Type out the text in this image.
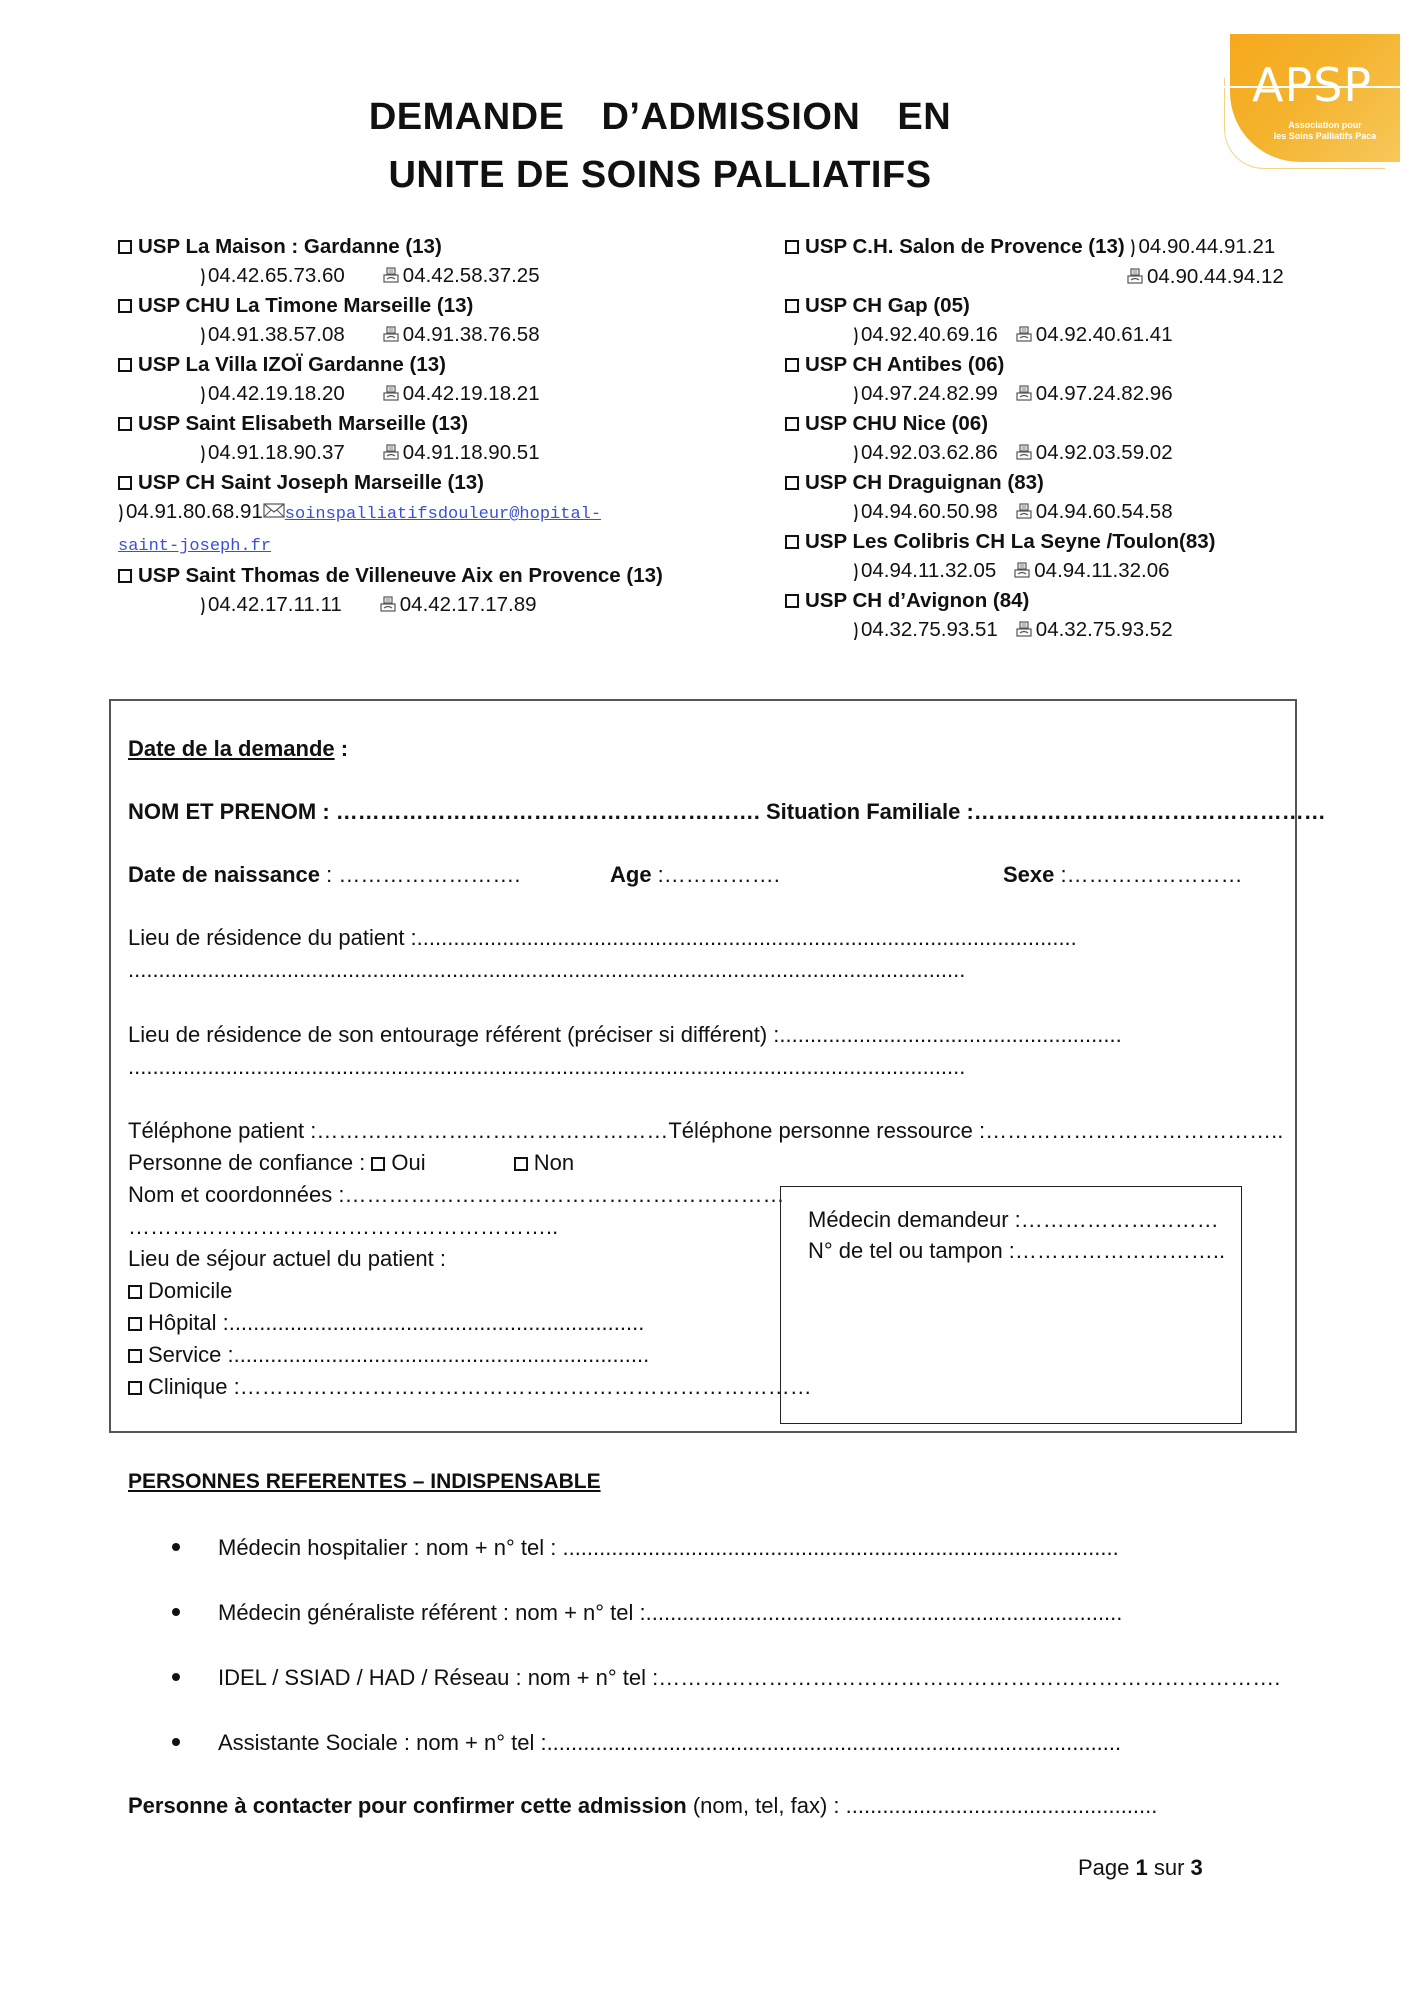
APSP
Association pour
les Soins Palliatifs Paca
DEMANDE D’ADMISSION EN
UNITE DE SOINS PALLIATIFS
USP La Maison : Gardanne (13)
) 04.42.65.73.60	04.42.58.37.25
USP CHU La Timone Marseille (13)
) 04.91.38.57.08	04.91.38.76.58
USP La Villa IZOÏ Gardanne (13)
) 04.42.19.18.20	04.42.19.18.21
USP Saint Elisabeth Marseille (13)
) 04.91.18.90.37	04.91.18.90.51
USP CH Saint Joseph Marseille (13)
) 04.91.80.68.91 soinspalliatifsdouleur@hopital-
saint-joseph.fr
USP Saint Thomas de Villeneuve Aix en Provence (13)
) 04.42.17.11.11	04.42.17.17.89
USP C.H. Salon de Provence (13) ) 04.90.44.91.21
04.90.44.94.12
USP CH Gap (05)
) 04.92.40.69.16 04.92.40.61.41
USP CH Antibes (06)
) 04.97.24.82.99 04.97.24.82.96
USP CHU Nice (06)
) 04.92.03.62.86 04.92.03.59.02
USP CH Draguignan (83)
) 04.94.60.50.98 04.94.60.54.58
USP Les Colibris CH La Seyne /Toulon(83)
) 04.94.11.32.05 04.94.11.32.06
USP CH d’Avignon (84)
) 04.32.75.93.51 04.32.75.93.52
Date de la demande :
NOM ET PRENOM : …………………………………………………. Situation Familiale :…………………………………………
Date de naissance : …………………….	Age :…………….	Sexe :……………………
Lieu de résidence du patient :............................................................................................................
.........................................................................................................................................
Lieu de résidence de son entourage référent (préciser si différent) :........................................................
.........................................................................................................................................
Téléphone patient :…………………………………………Téléphone personne ressource :…………………………………..
Personne de confiance : Oui	Non
Nom et coordonnées :……………………………………………………
…………………………………………………..
Lieu de séjour actuel du patient :
Domicile
Hôpital :....................................................................
Service :....................................................................
Clinique :……………………………………………………………………
Médecin demandeur :………………………
N° de tel ou tampon :………………………..
PERSONNES REFERENTES – INDISPENSABLE
Médecin hospitalier : nom + n° tel : ...........................................................................................
Médecin généraliste référent : nom + n° tel :..............................................................................
IDEL / SSIAD / HAD / Réseau : nom + n° tel :………………………………………………………………………….
Assistante Sociale : nom + n° tel :..............................................................................................
Personne à contacter pour confirmer cette admission (nom, tel, fax) : ...................................................
Page 1 sur 3
